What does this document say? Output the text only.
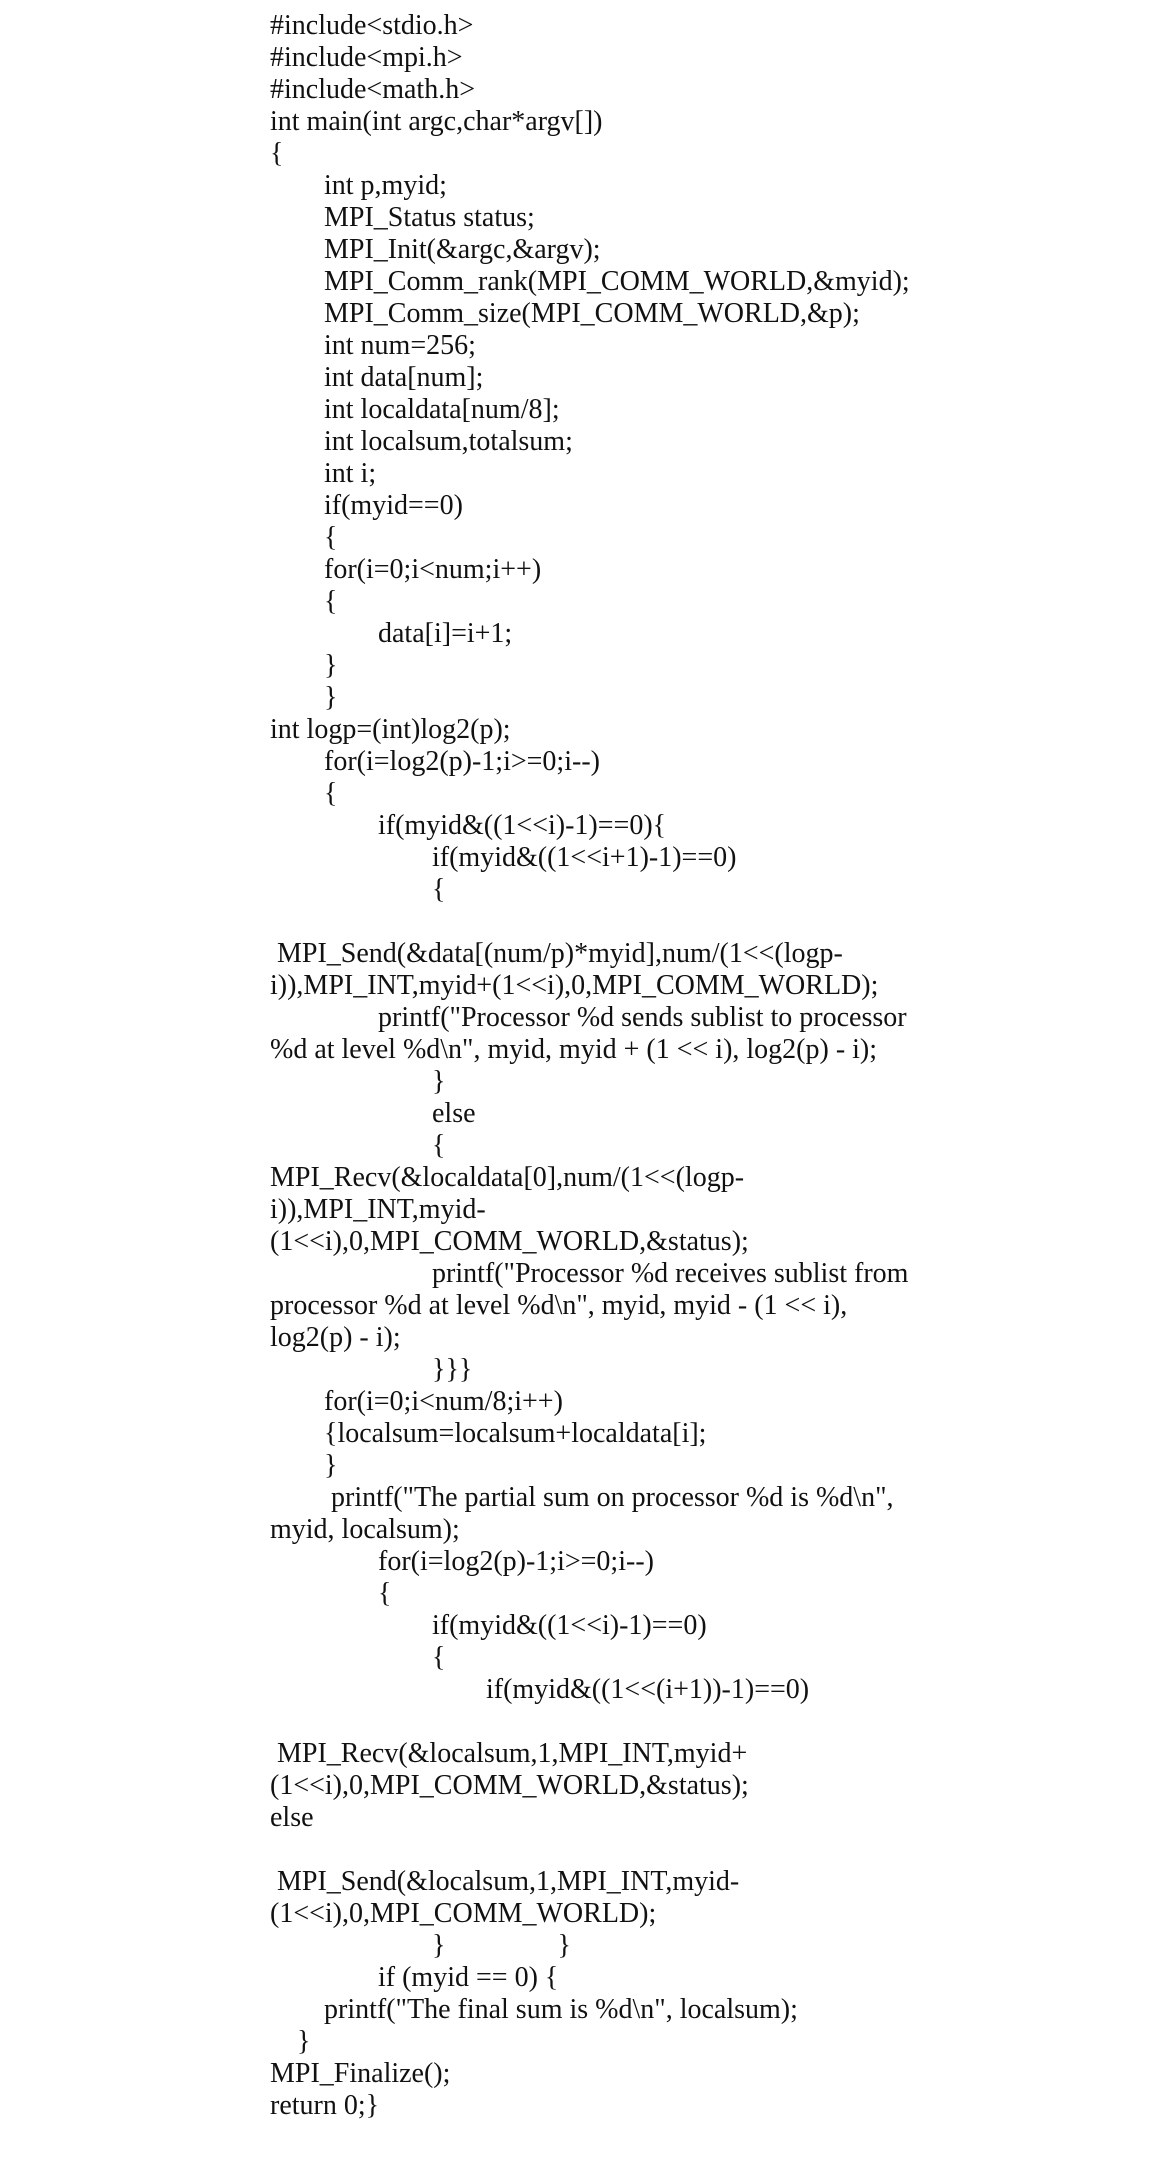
#include<stdio.h>
#include<mpi.h>
#include<math.h>
int main(int argc,char*argv[])
{
int p,myid;
MPI_Status status;
MPI_Init(&argc,&argv);
MPI_Comm_rank(MPI_COMM_WORLD,&myid);
MPI_Comm_size(MPI_COMM_WORLD,&p);
int num=256;
int data[num];
int localdata[num/8];
int localsum,totalsum;
int i;
if(myid==0)
{
for(i=0;i<num;i++)
{
data[i]=i+1;
}
}
int logp=(int)log2(p);
for(i=log2(p)-1;i>=0;i--)
{
if(myid&((1<<i)-1)==0){
if(myid&((1<<i+1)-1)==0)
{
MPI_Send(&data[(num/p)*myid],num/(1<<(logp-
i)),MPI_INT,myid+(1<<i),0,MPI_COMM_WORLD);
printf("Processor %d sends sublist to processor
%d at level %d\n", myid, myid + (1 << i), log2(p) - i);
}
else
{
MPI_Recv(&localdata[0],num/(1<<(logp-
i)),MPI_INT,myid-
(1<<i),0,MPI_COMM_WORLD,&status);
printf("Processor %d receives sublist from
processor %d at level %d\n", myid, myid - (1 << i),
log2(p) - i);
}}}
for(i=0;i<num/8;i++)
{localsum=localsum+localdata[i];
}
printf("The partial sum on processor %d is %d\n",
myid, localsum);
for(i=log2(p)-1;i>=0;i--)
{
if(myid&((1<<i)-1)==0)
{
if(myid&((1<<(i+1))-1)==0)
MPI_Recv(&localsum,1,MPI_INT,myid+
(1<<i),0,MPI_COMM_WORLD,&status);
else
MPI_Send(&localsum,1,MPI_INT,myid-
(1<<i),0,MPI_COMM_WORLD);
}                }
if (myid == 0) {
printf("The final sum is %d\n", localsum);
}
MPI_Finalize();
return 0;}
